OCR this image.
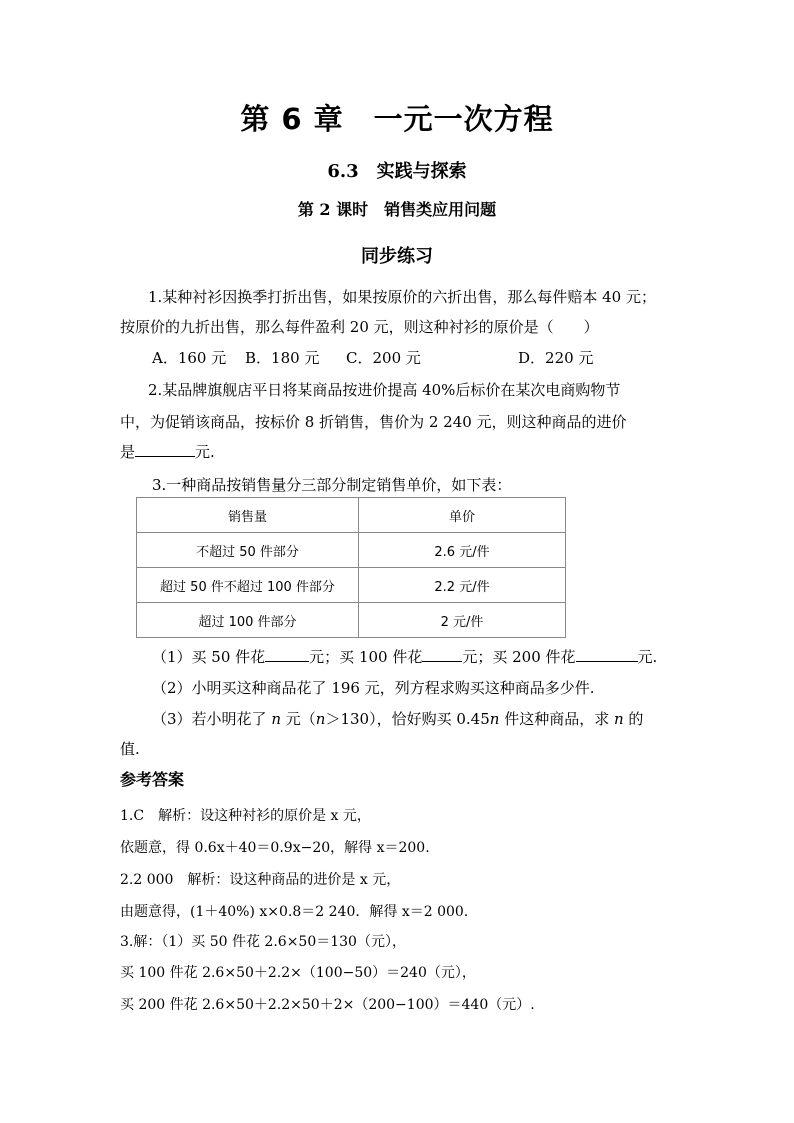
第 6 章　一元一次方程
6.3　实践与探索
第 2 课时　销售类应用问题
同步练习
1.某种衬衫因换季打折出售，如果按原价的六折出售，那么每件赔本 40 元；
按原价的九折出售，那么每件盈利 20 元，则这种衬衫的原价是（　　）
A．160 元 B．180 元 C．200 元	D．220 元
2.某品牌旗舰店平日将某商品按进价提高 40%后标价在某次电商购物节
中，为促销该商品，按标价 8 折销售，售价为 2 240 元，则这种商品的进价
是	元.
3.一种商品按销售量分三部分制定销售单价，如下表：
销售量	单价
不超过 50 件部分	2.6 元/件
超过 50 件不超过 100 件部分	2.2 元/件
超过 100 件部分	2 元/件
（1）买 50 件花	元；买 100 件花	元；买 200 件花	元.
（2）小明买这种商品花了 196 元，列方程求购买这种商品多少件.
（3）若小明花了 n 元（n＞130），恰好购买 0.45n 件这种商品，求 n 的
值.
参考答案
1.C　解析：设这种衬衫的原价是 x 元，
依题意，得 0.6x＋40＝0.9x−20，解得 x＝200.
2.2 000　解析：设这种商品的进价是 x 元，
由题意得，(1＋40%) x×0.8＝2 240．解得 x＝2 000.
3.解：（1）买 50 件花 2.6×50＝130（元），
买 100 件花 2.6×50＋2.2×（100−50）＝240（元），
买 200 件花 2.6×50＋2.2×50＋2×（200−100）＝440（元）.
